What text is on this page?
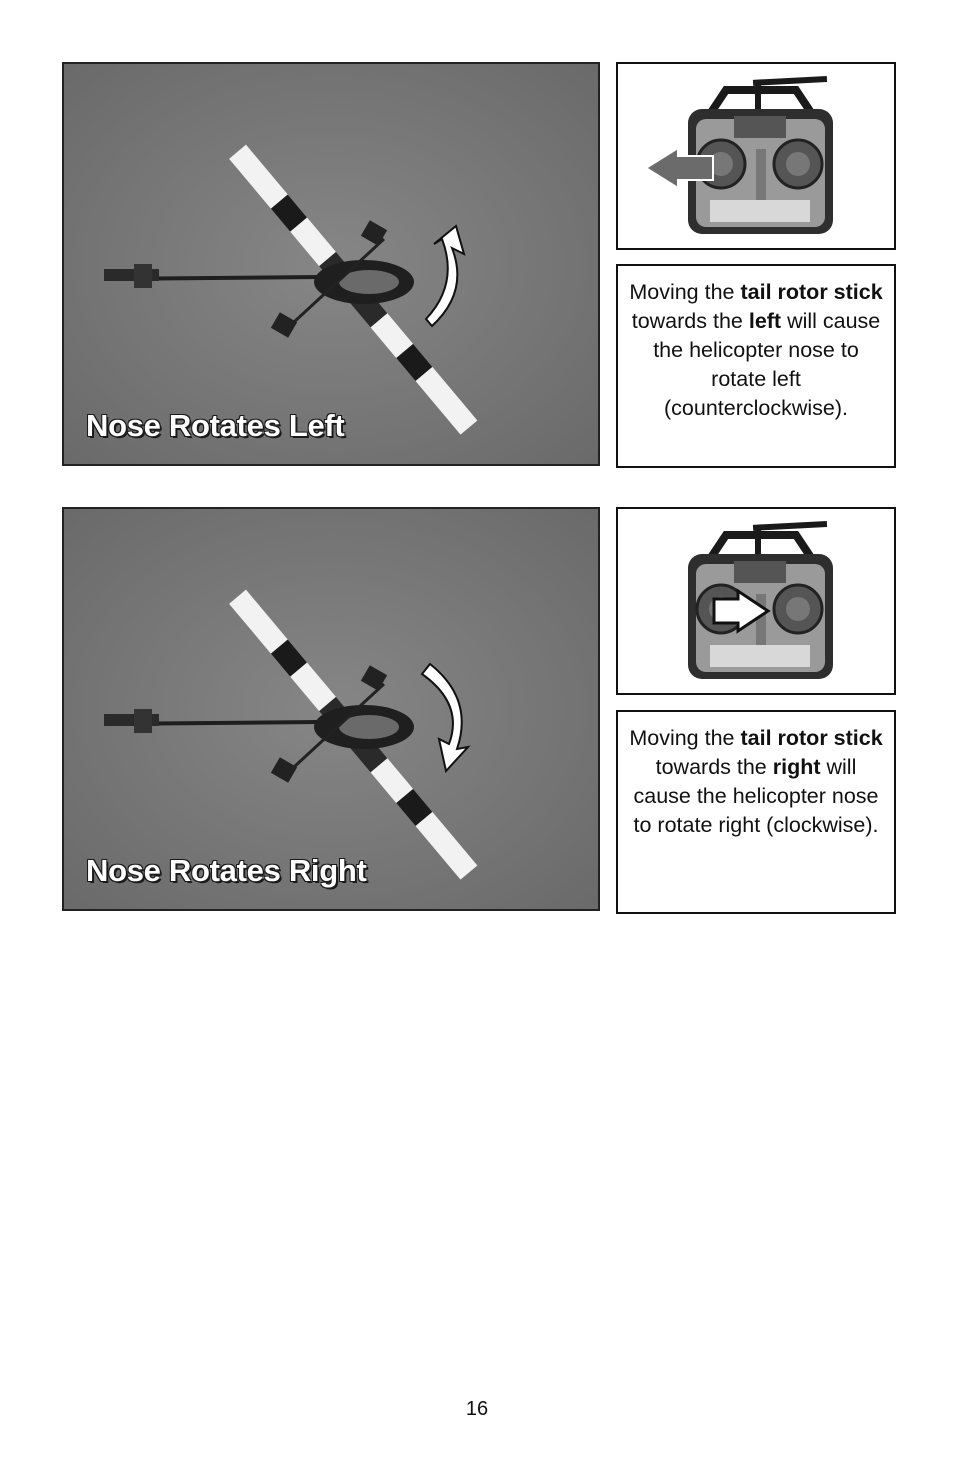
Nose Rotates Left
Moving the tail rotor stick towards the left will cause the helicopter nose to rotate left (counterclockwise).
Nose Rotates Right
Moving the tail rotor stick towards the right will cause the helicopter nose to rotate right (clockwise).
16
